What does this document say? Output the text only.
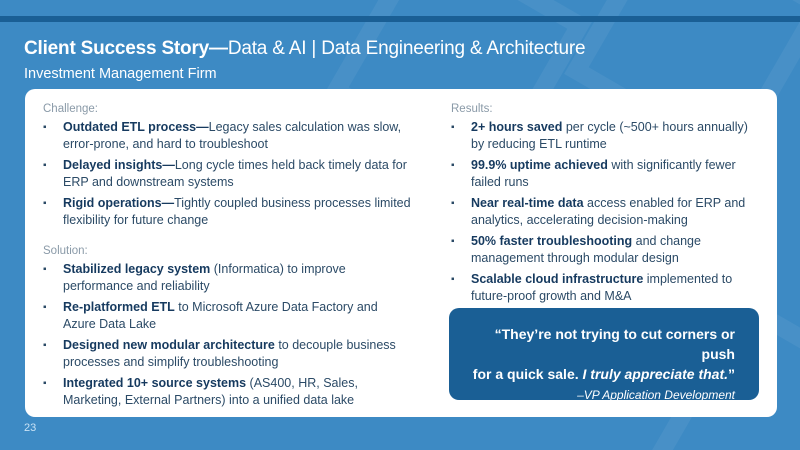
Client Success Story—Data & AI | Data Engineering & Architecture
Investment Management Firm
Challenge:
▪ Outdated ETL process—Legacy sales calculation was slow, error-prone, and hard to troubleshoot
▪ Delayed insights—Long cycle times held back timely data for ERP and downstream systems
▪ Rigid operations—Tightly coupled business processes limited flexibility for future change
Solution:
▪ Stabilized legacy system (Informatica) to improve performance and reliability
▪ Re-platformed ETL to Microsoft Azure Data Factory and Azure Data Lake
▪ Designed new modular architecture to decouple business processes and simplify troubleshooting
▪ Integrated 10+ source systems (AS400, HR, Sales, Marketing, External Partners) into a unified data lake
Results:
▪ 2+ hours saved per cycle (~500+ hours annually) by reducing ETL runtime
▪ 99.9% uptime achieved with significantly fewer failed runs
▪ Near real-time data access enabled for ERP and analytics, accelerating decision-making
▪ 50% faster troubleshooting and change management through modular design
▪ Scalable cloud infrastructure implemented to future-proof growth and M&A
“They’re not trying to cut corners or push
for a quick sale. I truly appreciate that.”
–VP Application Development
23
